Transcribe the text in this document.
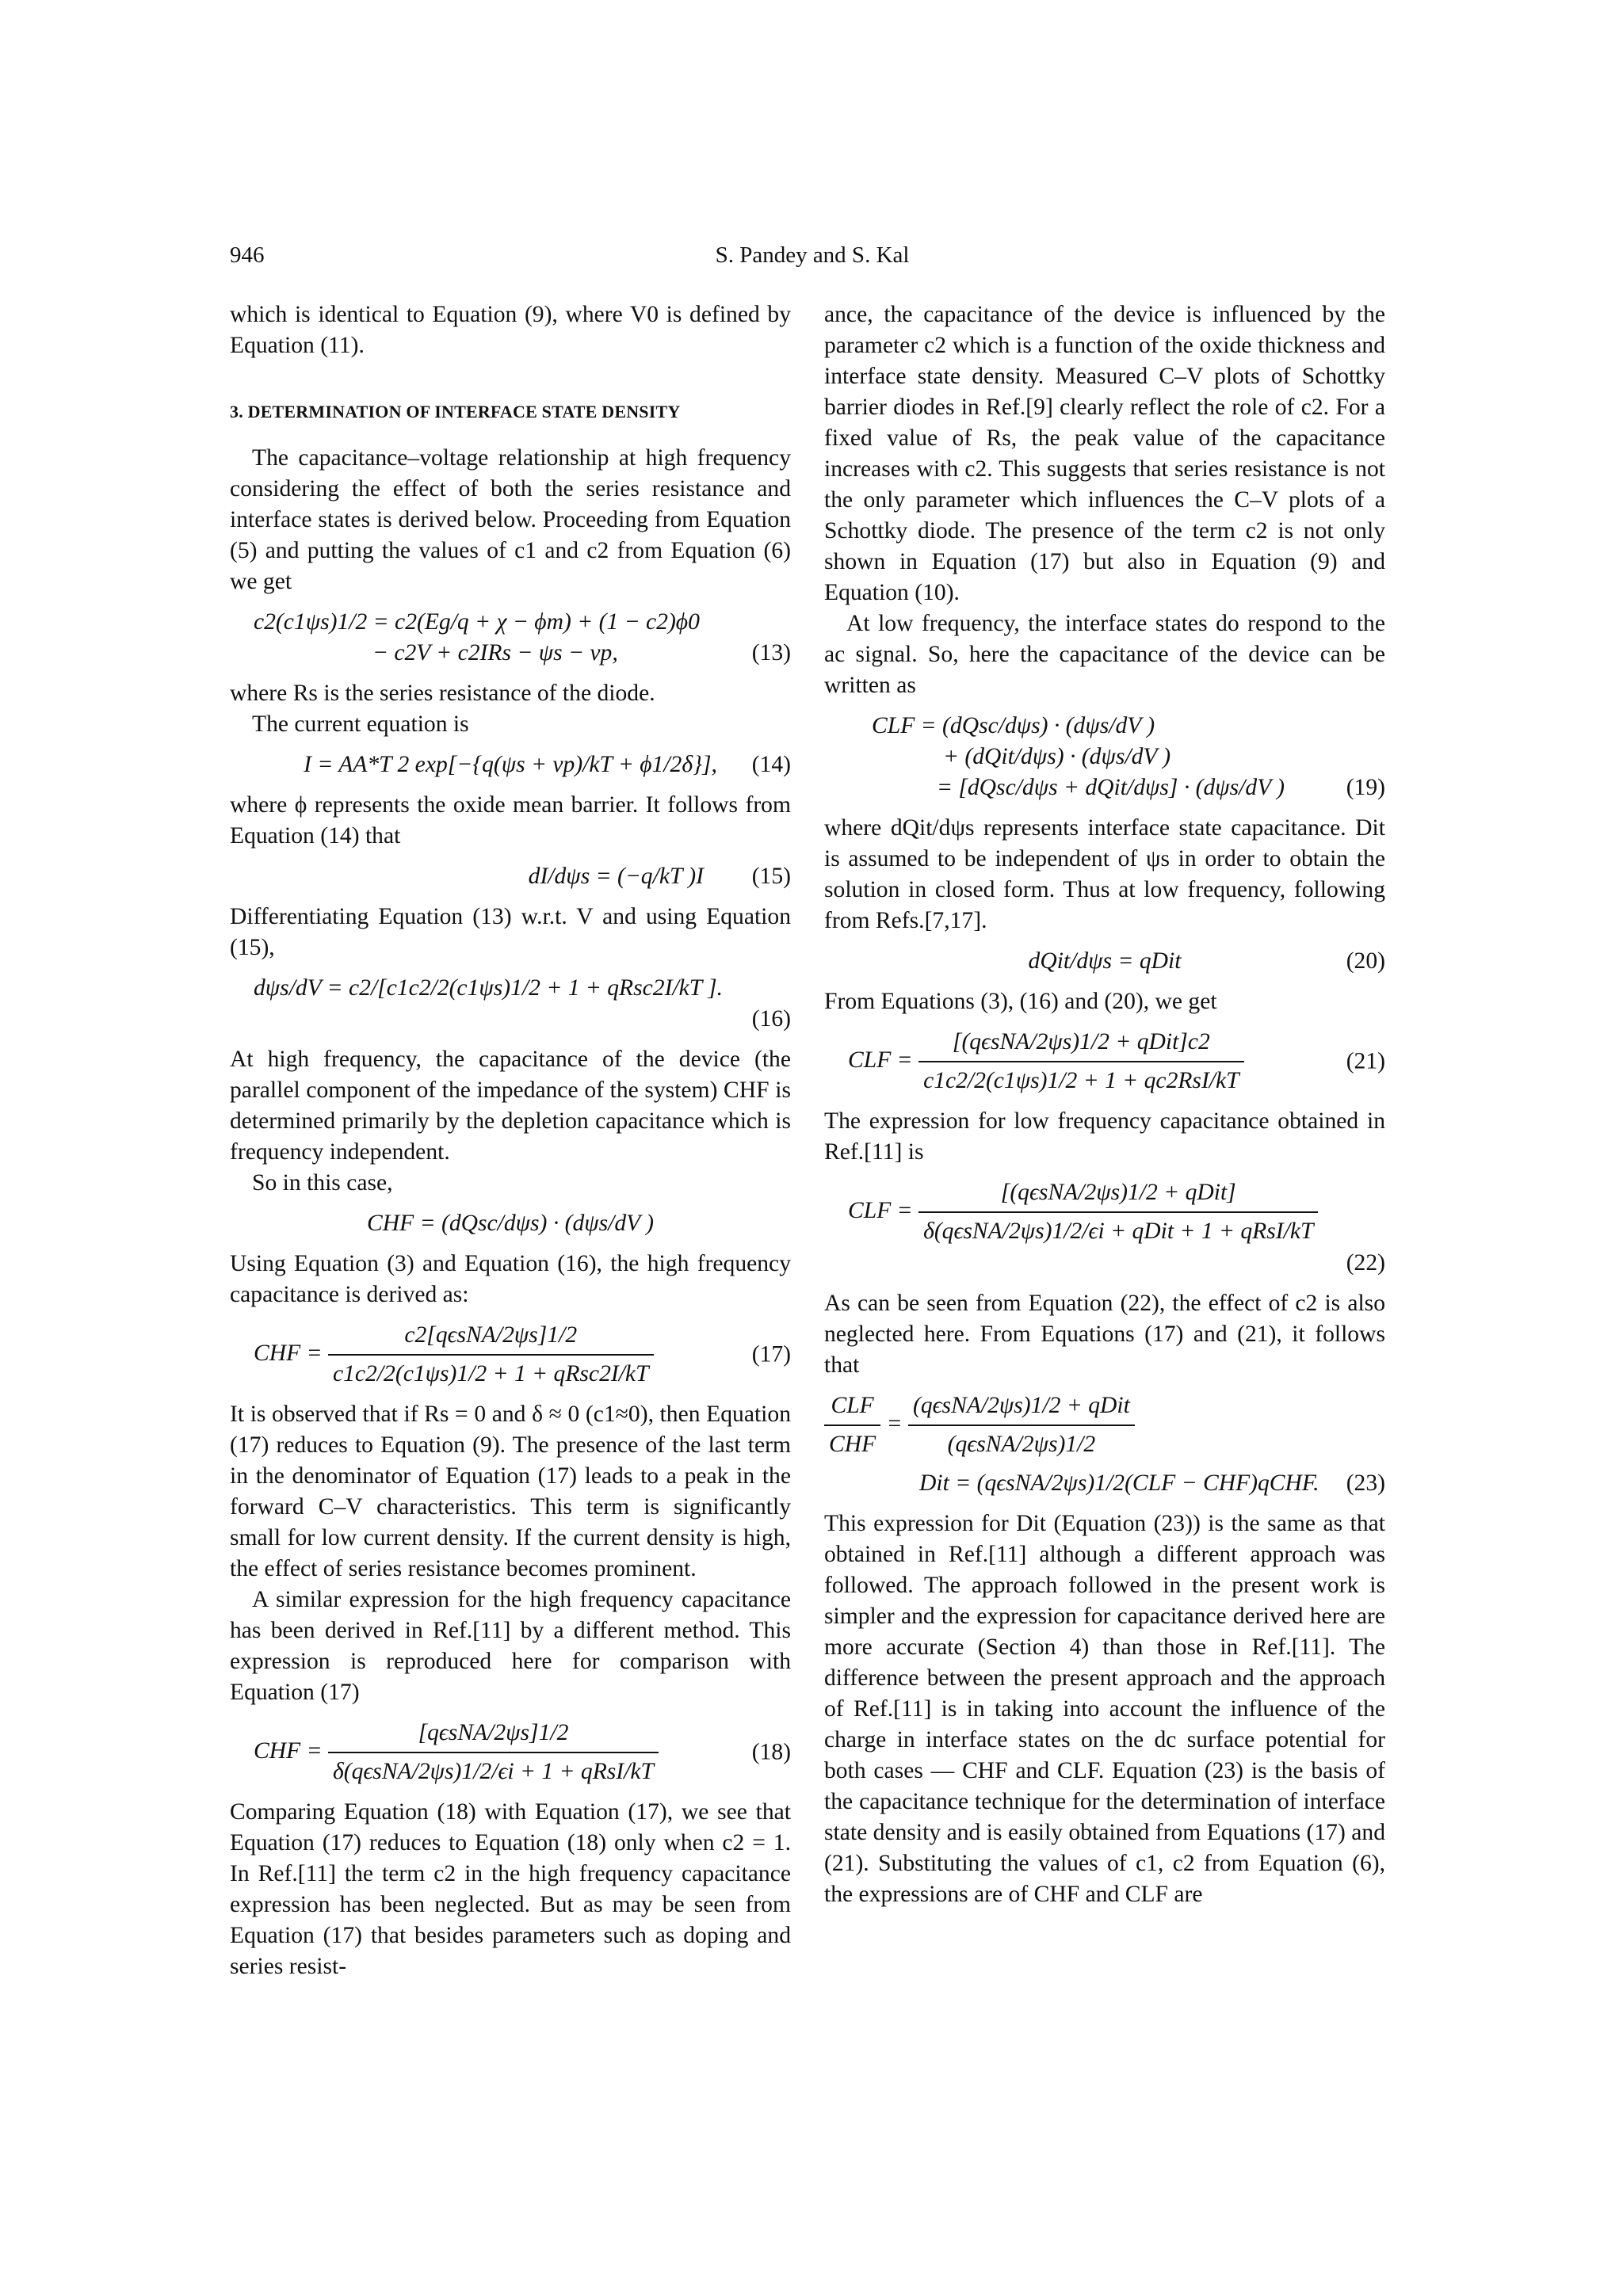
946	S. Pandey and S. Kal

which is identical to Equation (9), where V0 is defined by Equation (11).

3. DETERMINATION OF INTERFACE STATE DENSITY

The capacitance–voltage relationship at high frequency considering the effect of both the series resistance and interface states is derived below. Proceeding from Equation (5) and putting the values of c1 and c2 from Equation (6) we get

c2(c1ψs)1/2 = c2(Eg/q + χ − ϕm) + (1 − c2)ϕ0
− c2V + c2IRs − ψs − vp,	(13)

where Rs is the series resistance of the diode.

The current equation is

I = AA*T 2 exp[−{q(ψs + vp)/kT + ϕ1/2δ}], (14)

where ϕ represents the oxide mean barrier. It follows from Equation (14) that

dI/dψs = (−q/kT )I (15)

Differentiating Equation (13) w.r.t. V and using Equation (15),

dψs/dV = c2/[c1c2/2(c1ψs)1/2 + 1 + qRsc2I/kT ].
(16)

At high frequency, the capacitance of the device (the parallel component of the impedance of the system) CHF is determined primarily by the depletion capacitance which is frequency independent.

So in this case,

CHF = (dQsc/dψs) · (dψs/dV )

Using Equation (3) and Equation (16), the high frequency capacitance is derived as:

CHF = $\frac{\text{c2[qϵsNA/2ψs]1/2}}{\text{c1c2/2(c1ψs)1/2 + 1 + qRsc2I/kT}}$	(17)

It is observed that if Rs = 0 and δ ≈ 0 (c1≈0), then Equation (17) reduces to Equation (9). The presence of the last term in the denominator of Equation (17) leads to a peak in the forward C–V characteristics. This term is significantly small for low current density. If the current density is high, the effect of series resistance becomes prominent.

A similar expression for the high frequency capacitance has been derived in Ref.[11] by a different method. This expression is reproduced here for comparison with Equation (17)

CHF = $\frac{\text{[qϵsNA/2ψs]1/2}}{\text{δ(qϵsNA/2ψs)1/2/ϵi + 1 + qRsI/kT}}$	(18)

Comparing Equation (18) with Equation (17), we see that Equation (17) reduces to Equation (18) only when c2 = 1. In Ref.[11] the term c2 in the high frequency capacitance expression has been neglected. But as may be seen from Equation (17) that besides parameters such as doping and series resist-

ance, the capacitance of the device is influenced by the parameter c2 which is a function of the oxide thickness and interface state density. Measured C–V plots of Schottky barrier diodes in Ref.[9] clearly reflect the role of c2. For a fixed value of Rs, the peak value of the capacitance increases with c2. This suggests that series resistance is not the only parameter which influences the C–V plots of a Schottky diode. The presence of the term c2 is not only shown in Equation (17) but also in Equation (9) and Equation (10).

At low frequency, the interface states do respond to the ac signal. So, here the capacitance of the device can be written as

CLF = (dQsc/dψs) · (dψs/dV )
+ (dQit/dψs) · (dψs/dV )
= [dQsc/dψs + dQit/dψs] · (dψs/dV )	(19)

where dQit/dψs represents interface state capacitance. Dit is assumed to be independent of ψs in order to obtain the solution in closed form. Thus at low frequency, following from Refs.[7,17].

dQit/dψs = qDit	(20)

From Equations (3), (16) and (20), we get

CLF = $\frac{\text{[(qϵsNA/2ψs)1/2 + qDit]c2}}{\text{c1c2/2(c1ψs)1/2 + 1 + qc2RsI/kT}}$	(21)

The expression for low frequency capacitance obtained in Ref.[11] is

CLF = $\frac{\text{[(qϵsNA/2ψs)1/2 + qDit]}}{\text{δ(qϵsNA/2ψs)1/2/ϵi + qDit + 1 + qRsI/kT}}$
(22)

As can be seen from Equation (22), the effect of c2 is also neglected here. From Equations (17) and (21), it follows that

$\frac{\text{CLF}}{\text{CHF}} = \frac{\text{(qϵsNA/2ψs)1/2 + qDit}}{\text{(qϵsNA/2ψs)1/2}}$
Dit = (qϵsNA/2ψs)1/2(CLF − CHF)qCHF.	(23)

This expression for Dit (Equation (23)) is the same as that obtained in Ref.[11] although a different approach was followed. The approach followed in the present work is simpler and the expression for capacitance derived here are more accurate (Section 4) than those in Ref.[11]. The difference between the present approach and the approach of Ref.[11] is in taking into account the influence of the charge in interface states on the dc surface potential for both cases — CHF and CLF. Equation (23) is the basis of the capacitance technique for the determination of interface state density and is easily obtained from Equations (17) and (21). Substituting the values of c1, c2 from Equation (6), the expressions are of CHF and CLF are
